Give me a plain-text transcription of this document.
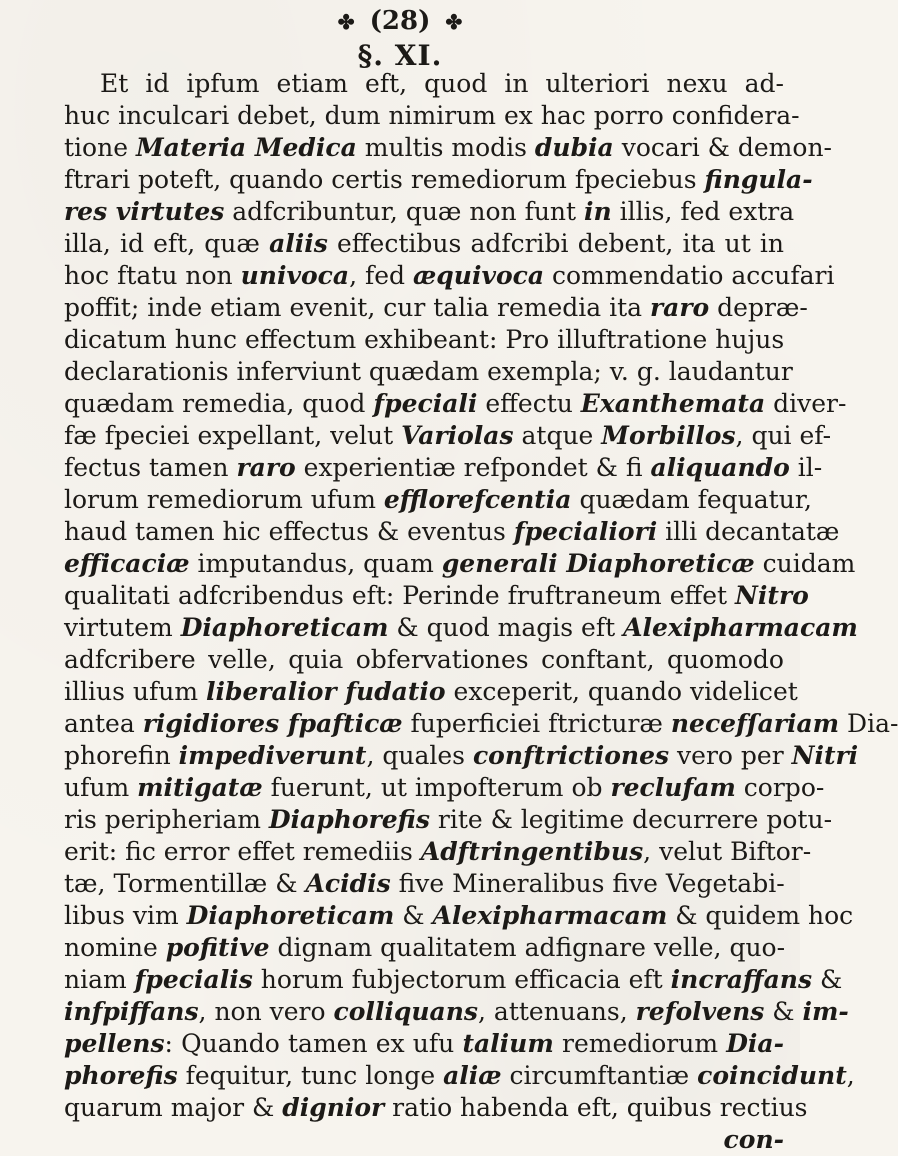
✤ (28) ✤
§. XI.
Et id ipfum etiam eft, quod in ulteriori nexu ad-
huc inculcari debet, dum nimirum ex hac porro confidera-
tione Materia Medica multis modis dubia vocari & demon-
ftrari poteft, quando certis remediorum fpeciebus fingula-
res virtutes adfcribuntur, quæ non funt in illis, fed extra
illa, id eft, quæ aliis effectibus adfcribi debent, ita ut in
hoc ftatu non univoca, fed æquivoca commendatio accufari
poffit; inde etiam evenit, cur talia remedia ita raro depræ-
dicatum hunc effectum exhibeant: Pro illuftratione hujus
declarationis inferviunt quædam exempla; v. g. laudantur
quædam remedia, quod fpeciali effectu Exanthemata diver-
fæ fpeciei expellant, velut Variolas atque Morbillos, qui ef-
fectus tamen raro experientiæ refpondet & fi aliquando il-
lorum remediorum ufum efflorefcentia quædam fequatur,
haud tamen hic effectus & eventus fpecialiori illi decantatæ
efficaciæ imputandus, quam generali Diaphoreticæ cuidam
qualitati adfcribendus eft: Perinde fruftraneum effet Nitro
virtutem Diaphoreticam & quod magis eft Alexipharmacam
adfcribere velle, quia obfervationes conftant, quomodo
illius ufum liberalior fudatio exceperit, quando videlicet
antea rigidiores fpafticæ fuperficiei ftricturæ necefſariam Dia-
phorefin impediverunt, quales conftrictiones vero per Nitri
ufum mitigatæ fuerunt, ut impofterum ob reclufam corpo-
ris peripheriam Diaphorefis rite & legitime decurrere potu-
erit: fic error effet remediis Adftringentibus, velut Biftor-
tæ, Tormentillæ & Acidis five Mineralibus five Vegetabi-
libus vim Diaphoreticam & Alexipharmacam & quidem hoc
nomine pofitive dignam qualitatem adfignare velle, quo-
niam fpecialis horum fubjectorum efficacia eft incraffans &
infpiffans, non vero colliquans, attenuans, refolvens & im-
pellens: Quando tamen ex ufu talium remediorum Dia-
phorefis fequitur, tunc longe aliæ circumftantiæ coincidunt,
quarum major & dignior ratio habenda eft, quibus rectius
con-
